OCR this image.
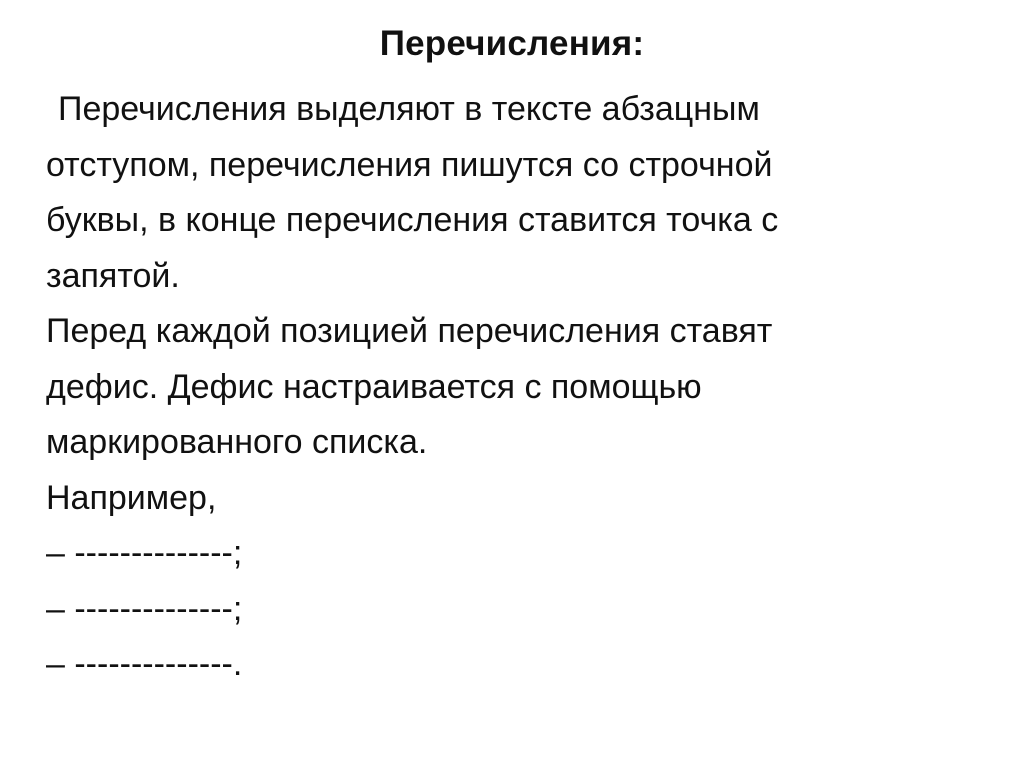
Перечисления:
Перечисления выделяют в тексте абзацным
отступом, перечисления пишутся со строчной
буквы, в конце перечисления ставится точка с
запятой.
Перед каждой позицией перечисления ставят
дефис. Дефис настраивается с помощью
маркированного списка.
Например,
– --------------;
– --------------;
– --------------.
